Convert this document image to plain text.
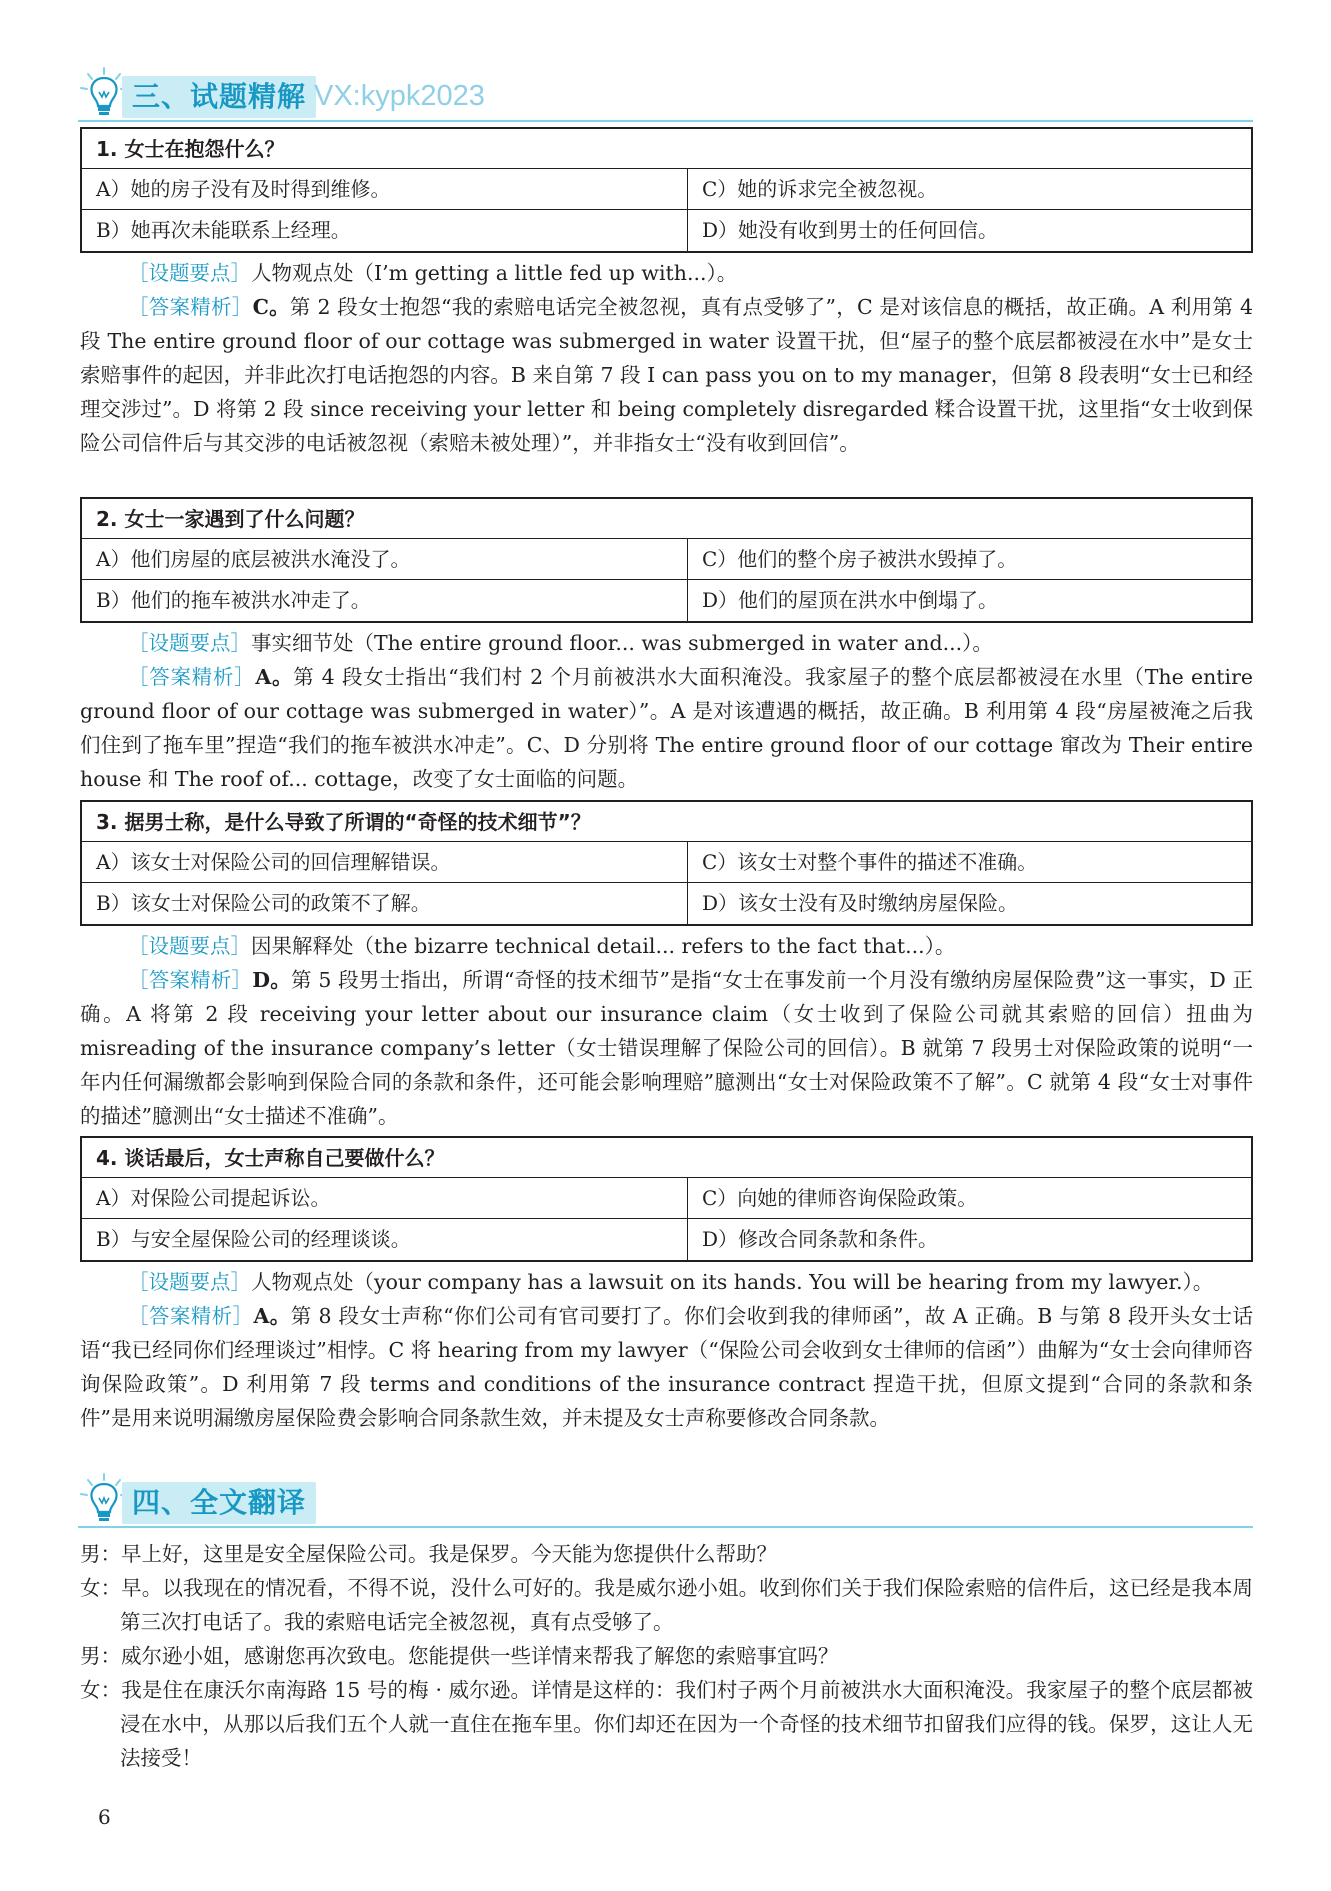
三、试题精解 VX:kypk2023
1. 女士在抱怨什么？
A）她的房子没有及时得到维修。	C）她的诉求完全被忽视。
B）她再次未能联系上经理。	D）她没有收到男士的任何回信。

［设题要点］人物观点处（I’m getting a little fed up with...）。

［答案精析］C。第 2 段女士抱怨“我的索赔电话完全被忽视，真有点受够了”，C 是对该信息的概括，故正确。A 利用第 4 段 The entire ground floor of our cottage was submerged in water 设置干扰，但“屋子的整个底层都被浸在水中”是女士索赔事件的起因，并非此次打电话抱怨的内容。B 来自第 7 段 I can pass you on to my manager，但第 8 段表明“女士已和经理交涉过”。D 将第 2 段 since receiving your letter 和 being completely disregarded 糅合设置干扰，这里指“女士收到保险公司信件后与其交涉的电话被忽视（索赔未被处理）”，并非指女士“没有收到回信”。

2. 女士一家遇到了什么问题？
A）他们房屋的底层被洪水淹没了。	C）他们的整个房子被洪水毁掉了。
B）他们的拖车被洪水冲走了。	D）他们的屋顶在洪水中倒塌了。

［设题要点］事实细节处（The entire ground floor... was submerged in water and...）。

［答案精析］A。第 4 段女士指出“我们村 2 个月前被洪水大面积淹没。我家屋子的整个底层都被浸在水里（The entire ground floor of our cottage was submerged in water）”。A 是对该遭遇的概括，故正确。B 利用第 4 段“房屋被淹之后我们住到了拖车里”捏造“我们的拖车被洪水冲走”。C、D 分别将 The entire ground floor of our cottage 窜改为 Their entire house 和 The roof of... cottage，改变了女士面临的问题。

3. 据男士称，是什么导致了所谓的“奇怪的技术细节”？
A）该女士对保险公司的回信理解错误。	C）该女士对整个事件的描述不准确。
B）该女士对保险公司的政策不了解。	D）该女士没有及时缴纳房屋保险。

［设题要点］因果解释处（the bizarre technical detail... refers to the fact that...）。

［答案精析］D。第 5 段男士指出，所谓“奇怪的技术细节”是指“女士在事发前一个月没有缴纳房屋保险费”这一事实，D 正确。A 将第 2 段 receiving your letter about our insurance claim（女士收到了保险公司就其索赔的回信）扭曲为 misreading of the insurance company’s letter（女士错误理解了保险公司的回信）。B 就第 7 段男士对保险政策的说明“一年内任何漏缴都会影响到保险合同的条款和条件，还可能会影响理赔”臆测出“女士对保险政策不了解”。C 就第 4 段“女士对事件的描述”臆测出“女士描述不准确”。

4. 谈话最后，女士声称自己要做什么？
A）对保险公司提起诉讼。	C）向她的律师咨询保险政策。
B）与安全屋保险公司的经理谈谈。	D）修改合同条款和条件。

［设题要点］人物观点处（your company has a lawsuit on its hands. You will be hearing from my lawyer.）。

［答案精析］A。第 8 段女士声称“你们公司有官司要打了。你们会收到我的律师函”，故 A 正确。B 与第 8 段开头女士话语“我已经同你们经理谈过”相悖。C 将 hearing from my lawyer（“保险公司会收到女士律师的信函”）曲解为“女士会向律师咨询保险政策”。D 利用第 7 段 terms and conditions of the insurance contract 捏造干扰，但原文提到“合同的条款和条件”是用来说明漏缴房屋保险费会影响合同条款生效，并未提及女士声称要修改合同条款。

四、全文翻译

男：早上好，这里是安全屋保险公司。我是保罗。今天能为您提供什么帮助？

女：早。以我现在的情况看，不得不说，没什么可好的。我是威尔逊小姐。收到你们关于我们保险索赔的信件后，这已经是我本周第三次打电话了。我的索赔电话完全被忽视，真有点受够了。

男：威尔逊小姐，感谢您再次致电。您能提供一些详情来帮我了解您的索赔事宜吗？

女：我是住在康沃尔南海路 15 号的梅 · 威尔逊。详情是这样的：我们村子两个月前被洪水大面积淹没。我家屋子的整个底层都被浸在水中，从那以后我们五个人就一直住在拖车里。你们却还在因为一个奇怪的技术细节扣留我们应得的钱。保罗，这让人无法接受！

6
